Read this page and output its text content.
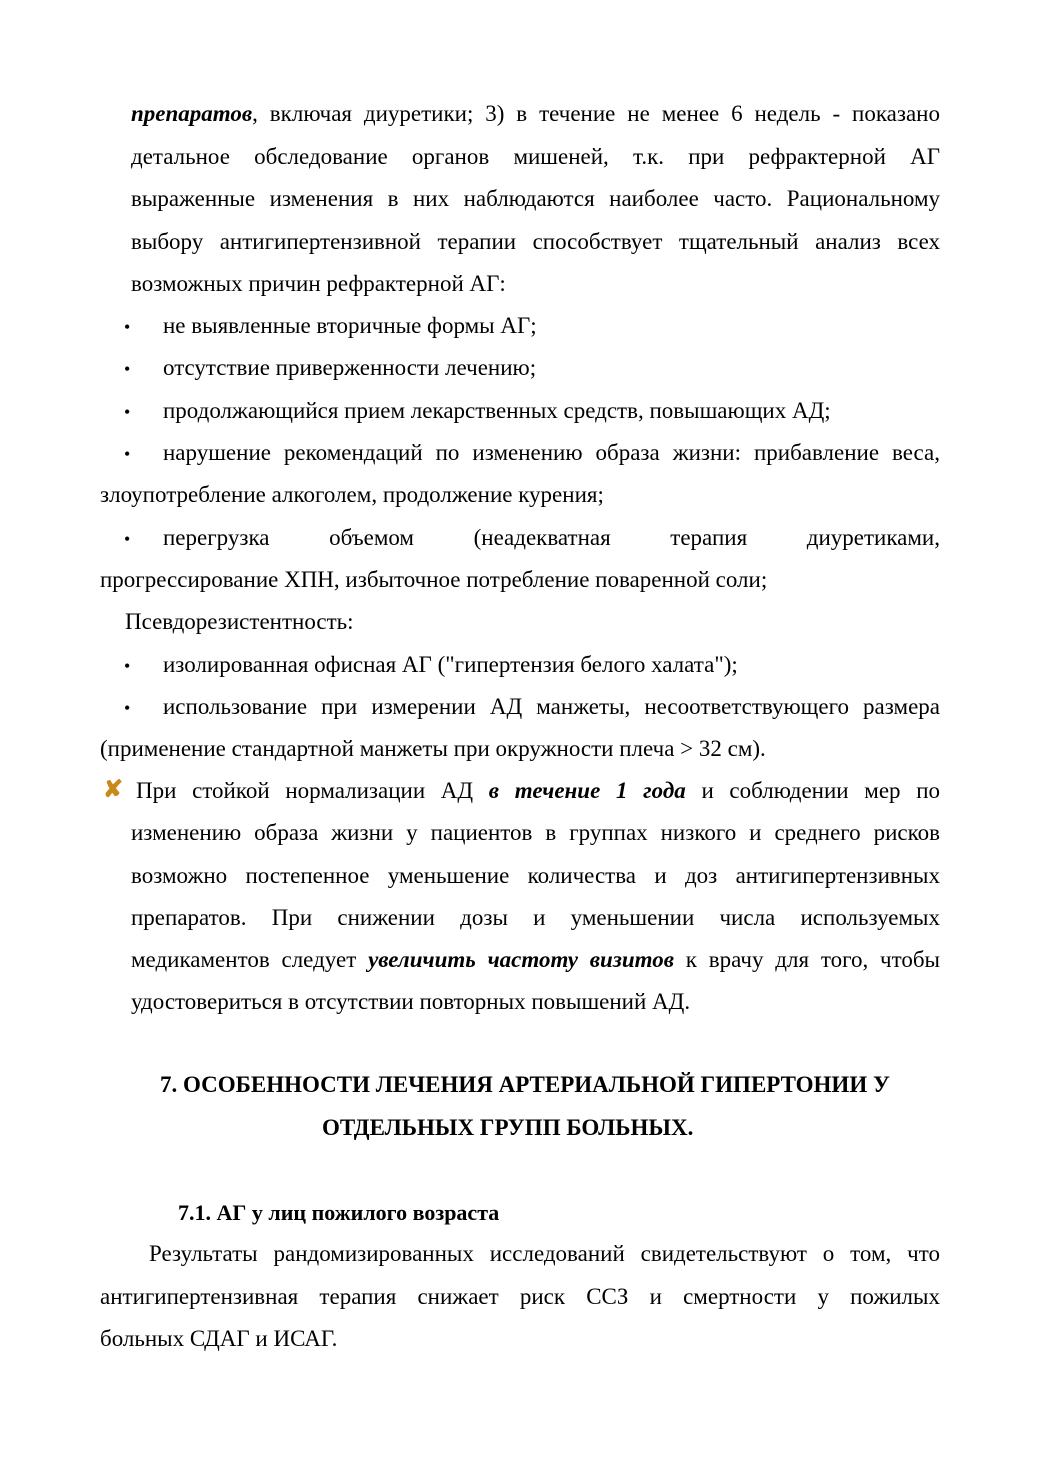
препаратов, включая диуретики; 3) в течение не менее 6 недель - показано
детальное обследование органов мишеней, т.к. при рефрактерной АГ
выраженные изменения в них наблюдаются наиболее часто. Рациональному
выбору антигипертензивной терапии способствует тщательный анализ всех
возможных причин рефрактерной АГ:
• не выявленные вторичные формы АГ;
• отсутствие приверженности лечению;
• продолжающийся прием лекарственных средств, повышающих АД;
• нарушение рекомендаций по изменению образа жизни: прибавление веса,
злоупотребление алкоголем, продолжение курения;
• перегрузка объемом (неадекватная терапия диуретиками,
прогрессирование ХПН, избыточное потребление поваренной соли;
Псевдорезистентность:
• изолированная офисная АГ ("гипертензия белого халата");
• использование при измерении АД манжеты, несоответствующего размера
(применение стандартной манжеты при окружности плеча > 32 см).
✘ При стойкой нормализации АД в течение 1 года и соблюдении мер по
изменению образа жизни у пациентов в группах низкого и среднего рисков
возможно постепенное уменьшение количества и доз антигипертензивных
препаратов. При снижении дозы и уменьшении числа используемых
медикаментов следует увеличить частоту визитов к врачу для того, чтобы
удостовериться в отсутствии повторных повышений АД.
7. ОСОБЕННОСТИ ЛЕЧЕНИЯ АРТЕРИАЛЬНОЙ ГИПЕРТОНИИ У
ОТДЕЛЬНЫХ ГРУПП БОЛЬНЫХ.
7.1. АГ у лиц пожилого возраста
Результаты рандомизированных исследований свидетельствуют о том, что
антигипертензивная терапия снижает риск ССЗ и смертности у пожилых
больных СДАГ и ИСАГ.
